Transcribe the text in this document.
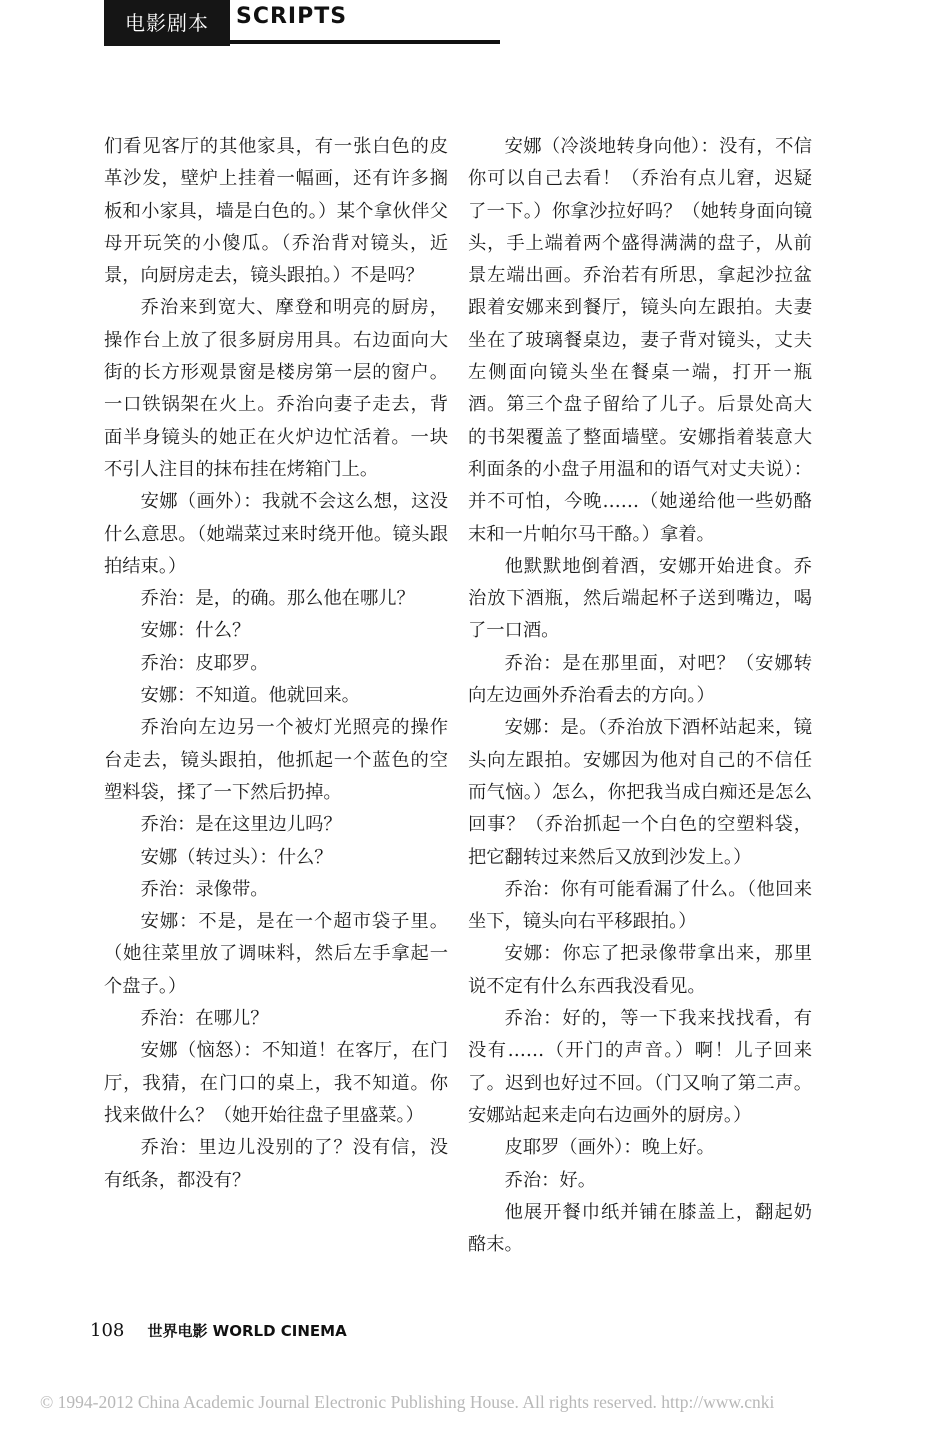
电影剧本	SCRIPTS

们看见客厅的其他家具，有一张白色的皮革沙发，壁炉上挂着一幅画，还有许多搁板和小家具，墙是白色的。）某个拿伙伴父母开玩笑的小傻瓜。（乔治背对镜头，近景，向厨房走去，镜头跟拍。）不是吗？

乔治来到宽大、摩登和明亮的厨房，操作台上放了很多厨房用具。右边面向大街的长方形观景窗是楼房第一层的窗户。一口铁锅架在火上。乔治向妻子走去，背面半身镜头的她正在火炉边忙活着。一块不引人注目的抹布挂在烤箱门上。

安娜（画外）：我就不会这么想，这没什么意思。（她端菜过来时绕开他。镜头跟拍结束。）

乔治：是，的确。那么他在哪儿？

安娜：什么？

乔治：皮耶罗。

安娜：不知道。他就回来。

乔治向左边另一个被灯光照亮的操作台走去，镜头跟拍，他抓起一个蓝色的空塑料袋，揉了一下然后扔掉。

乔治：是在这里边儿吗？

安娜（转过头）：什么？

乔治：录像带。

安娜：不是，是在一个超市袋子里。（她往菜里放了调味料，然后左手拿起一个盘子。）

乔治：在哪儿？

安娜（恼怒）：不知道！在客厅，在门厅，我猜，在门口的桌上，我不知道。你找来做什么？（她开始往盘子里盛菜。）

乔治：里边儿没别的了？没有信，没有纸条，都没有？

安娜（冷淡地转身向他）：没有，不信你可以自己去看！（乔治有点儿窘，迟疑了一下。）你拿沙拉好吗？（她转身面向镜头，手上端着两个盛得满满的盘子，从前景左端出画。乔治若有所思，拿起沙拉盆跟着安娜来到餐厅，镜头向左跟拍。夫妻坐在了玻璃餐桌边，妻子背对镜头，丈夫左侧面向镜头坐在餐桌一端，打开一瓶酒。第三个盘子留给了儿子。后景处高大的书架覆盖了整面墙壁。安娜指着装意大利面条的小盘子用温和的语气对丈夫说）：并不可怕，今晚……（她递给他一些奶酪末和一片帕尔马干酪。）拿着。

他默默地倒着酒，安娜开始进食。乔治放下酒瓶，然后端起杯子送到嘴边，喝了一口酒。

乔治：是在那里面，对吧？（安娜转向左边画外乔治看去的方向。）

安娜：是。（乔治放下酒杯站起来，镜头向左跟拍。安娜因为他对自己的不信任而气恼。）怎么，你把我当成白痴还是怎么回事？（乔治抓起一个白色的空塑料袋，把它翻转过来然后又放到沙发上。）

乔治：你有可能看漏了什么。（他回来坐下，镜头向右平移跟拍。）

安娜：你忘了把录像带拿出来，那里说不定有什么东西我没看见。

乔治：好的，等一下我来找找看，有没有……（开门的声音。）啊！儿子回来了。迟到也好过不回。（门又响了第二声。安娜站起来走向右边画外的厨房。）

皮耶罗（画外）：晚上好。

乔治：好。

他展开餐巾纸并铺在膝盖上，翻起奶酪末。

108 世界电影 WORLD CINEMA
© 1994-2012 China Academic Journal Electronic Publishing House. All rights reserved. http://www.cnki
